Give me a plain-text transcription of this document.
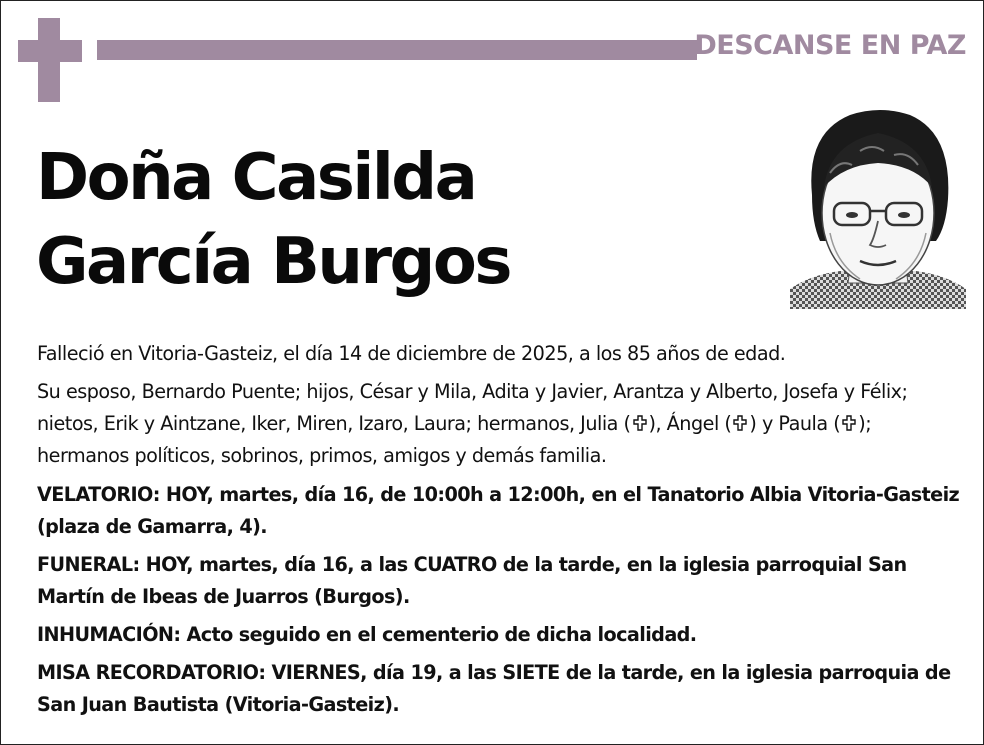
DESCANSE EN PAZ
Doña Casilda
García Burgos

Falleció en Vitoria-Gasteiz, el día 14 de diciembre de 2025, a los 85 años de edad.

Su esposo, Bernardo Puente; hijos, César y Mila, Adita y Javier, Arantza y Alberto, Josefa y Félix; nietos, Erik y Aintzane, Iker, Miren, Izaro, Laura; hermanos, Julia ( ), Ángel ( ) y Paula ( ); hermanos políticos, sobrinos, primos, amigos y demás familia.

VELATORIO: HOY, martes, día 16, de 10:00h a 12:00h, en el Tanatorio Albia Vitoria-Gasteiz (plaza de Gamarra, 4).

FUNERAL: HOY, martes, día 16, a las CUATRO de la tarde, en la iglesia parroquial San Martín de Ibeas de Juarros (Burgos).

INHUMACIÓN: Acto seguido en el cementerio de dicha localidad.

MISA RECORDATORIO: VIERNES, día 19, a las SIETE de la tarde, en la iglesia parroquia de San Juan Bautista (Vitoria-Gasteiz).
